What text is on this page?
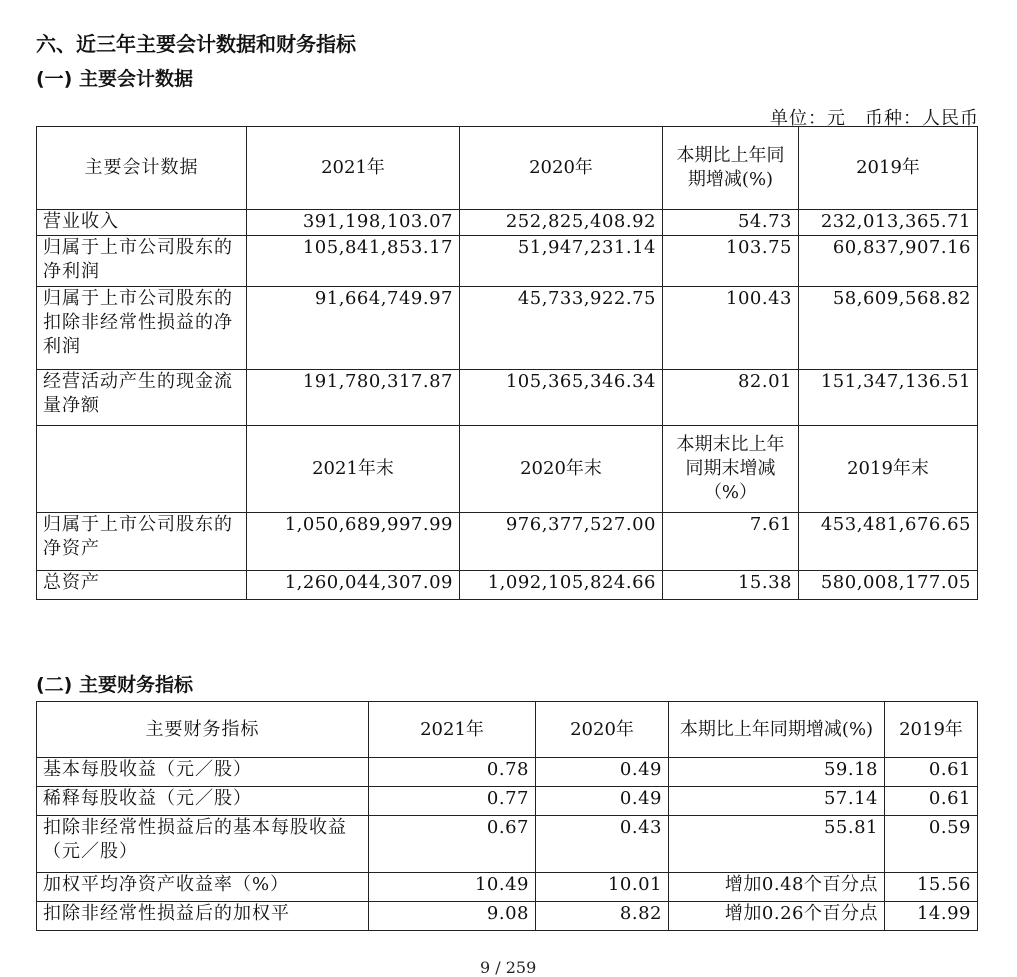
六、近三年主要会计数据和财务指标
(一) 主要会计数据
单位：元　币种：人民币
主要会计数据	2021年	2020年	本期比上年同期增减(%)	2019年
营业收入	391,198,103.07	252,825,408.92	54.73	232,013,365.71
归属于上市公司股东的净利润	105,841,853.17	51,947,231.14	103.75	60,837,907.16
归属于上市公司股东的扣除非经常性损益的净利润	91,664,749.97	45,733,922.75	100.43	58,609,568.82
经营活动产生的现金流量净额	191,780,317.87	105,365,346.34	82.01	151,347,136.51
	2021年末	2020年末	本期末比上年同期末增减（%）	2019年末
归属于上市公司股东的净资产	1,050,689,997.99	976,377,527.00	7.61	453,481,676.65
总资产	1,260,044,307.09	1,092,105,824.66	15.38	580,008,177.05
(二) 主要财务指标
主要财务指标	2021年	2020年	本期比上年同期增减(%)	2019年
基本每股收益（元／股）	0.78	0.49	59.18	0.61
稀释每股收益（元／股）	0.77	0.49	57.14	0.61
扣除非经常性损益后的基本每股收益（元／股）	0.67	0.43	55.81	0.59
加权平均净资产收益率（%）	10.49	10.01	增加0.48个百分点	15.56
扣除非经常性损益后的加权平	9.08	8.82	增加0.26个百分点	14.99
9 / 259
